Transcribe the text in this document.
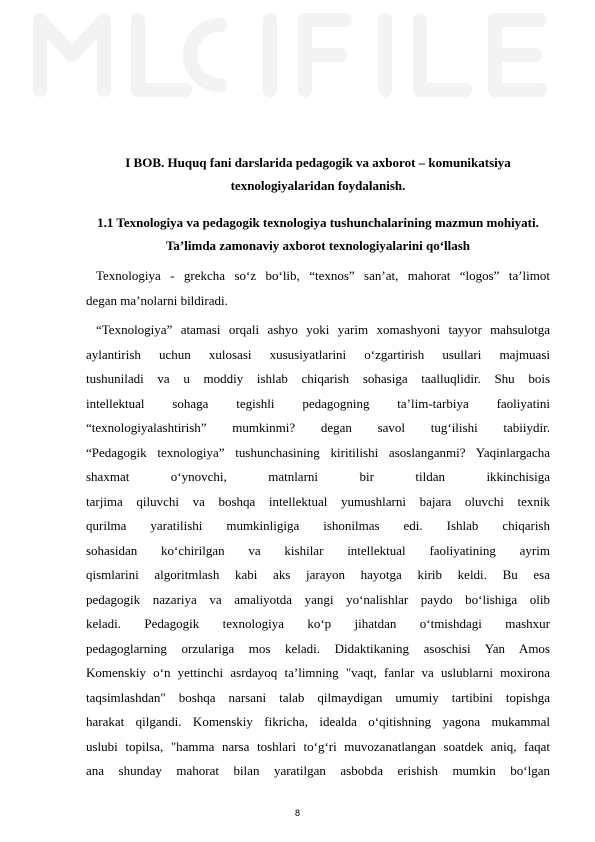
I BOB. Huquq fani darslarida pedagogik va axborot – komunikatsiya texnologiyalaridan foydalanish.
1.1 Texnologiya va pedagogik texnologiya tushunchalarining mazmun mohiyati. Ta’limda zamonaviy axborot texnologiyalarini qo‘llash
Texnologiya - grekcha so‘z bo‘lib, “texnos” san’at, mahorat “logos” ta’limot
degan ma’nolarni bildiradi.
“Texnologiya” atamasi orqali ashyo yoki yarim xomashyoni tayyor mahsulotga
aylantirish uchun xulosasi xususiyatlarini o‘zgartirish usullari majmuasi
tushuniladi va u moddiy ishlab chiqarish sohasiga taalluqlidir. Shu bois
intellektual sohaga tegishli pedagogning ta’lim-tarbiya faoliyatini
“texnologiyalashtirish” mumkinmi? degan savol tug‘ilishi tabiiydir.
“Pedagogik texnologiya” tushunchasining kiritilishi asoslanganmi? Yaqinlargacha
shaxmat o‘ynovchi, matnlarni bir tildan ikkinchisiga
tarjima qiluvchi va boshqa intellektual yumushlarni bajara oluvchi texnik
qurilma yaratilishi mumkinligiga ishonilmas edi. Ishlab chiqarish
sohasidan ko‘chirilgan va kishilar intellektual faoliyatining ayrim
qismlarini algoritmlash kabi aks jarayon hayotga kirib keldi. Bu esa
pedagogik nazariya va amaliyotda yangi yo‘nalishlar paydo bo‘lishiga olib
keladi. Pedagogik texnologiya ko‘p jihatdan o‘tmishdagi mashxur
pedagoglarning orzulariga mos keladi. Didaktikaning asoschisi Yan Amos
Komenskiy o‘n yettinchi asrdayoq ta’limning "vaqt, fanlar va uslublarni moxirona
taqsimlashdan" boshqa narsani talab qilmaydigan umumiy tartibini topishga
harakat qilgandi. Komenskiy fikricha, idealda o‘qitishning yagona mukammal
uslubi topilsa, "hamma narsa toshlari to‘g‘ri muvozanatlangan soatdek aniq, faqat
ana shunday mahorat bilan yaratilgan asbobda erishish mumkin bo‘lgan
8
